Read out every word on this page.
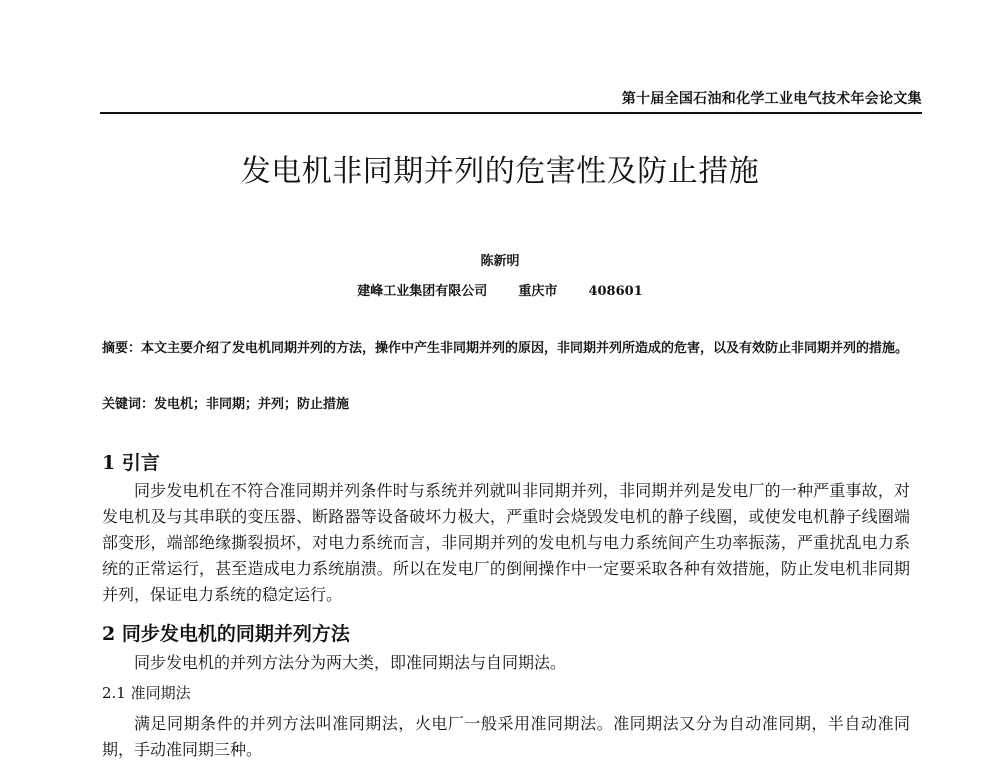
第十届全国石油和化学工业电气技术年会论文集
发电机非同期并列的危害性及防止措施
陈新明
建峰工业集团有限公司 重庆市 408601
摘要：本文主要介绍了发电机同期并列的方法，操作中产生非同期并列的原因，非同期并列所造成的危害，以及有效防止非同期并列的措施。
关键词：发电机；非同期；并列；防止措施
1 引言
同步发电机在不符合准同期并列条件时与系统并列就叫非同期并列，非同期并列是发电厂的一种严重事故，对发电机及与其串联的变压器、断路器等设备破坏力极大，严重时会烧毁发电机的静子线圈，或使发电机静子线圈端部变形，端部绝缘撕裂损坏，对电力系统而言，非同期并列的发电机与电力系统间产生功率振荡，严重扰乱电力系统的正常运行，甚至造成电力系统崩溃。所以在发电厂的倒闸操作中一定要采取各种有效措施，防止发电机非同期并列，保证电力系统的稳定运行。
2 同步发电机的同期并列方法
同步发电机的并列方法分为两大类，即准同期法与自同期法。
2.1 准同期法
满足同期条件的并列方法叫准同期法，火电厂一般采用准同期法。准同期法又分为自动准同期，半自动准同期，手动准同期三种。
